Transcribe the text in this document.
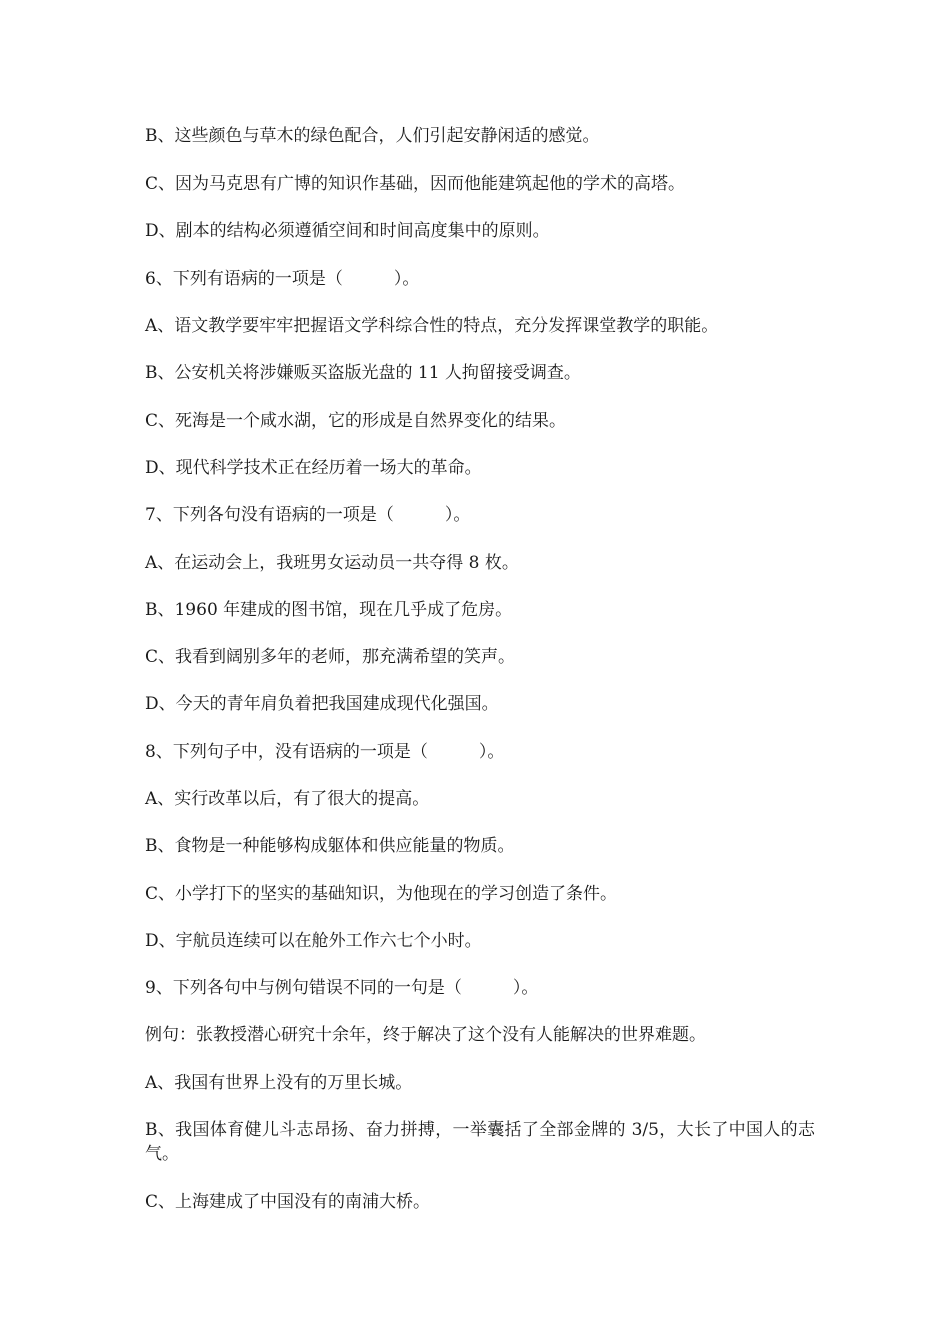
B、这些颜色与草木的绿色配合，人们引起安静闲适的感觉。
C、因为马克思有广博的知识作基础，因而他能建筑起他的学术的高塔。
D、剧本的结构必须遵循空间和时间高度集中的原则。
6、下列有语病的一项是（　　　）。
A、语文教学要牢牢把握语文学科综合性的特点，充分发挥课堂教学的职能。
B、公安机关将涉嫌贩买盗版光盘的 11 人拘留接受调查。
C、死海是一个咸水湖，它的形成是自然界变化的结果。
D、现代科学技术正在经历着一场大的革命。
7、下列各句没有语病的一项是（　　　）。
A、在运动会上，我班男女运动员一共夺得 8 枚。
B、1960 年建成的图书馆，现在几乎成了危房。
C、我看到阔别多年的老师，那充满希望的笑声。
D、今天的青年肩负着把我国建成现代化强国。
8、下列句子中，没有语病的一项是（　　　）。
A、实行改革以后，有了很大的提高。
B、食物是一种能够构成躯体和供应能量的物质。
C、小学打下的坚实的基础知识，为他现在的学习创造了条件。
D、宇航员连续可以在舱外工作六七个小时。
9、下列各句中与例句错误不同的一句是（　　　）。
例句：张教授潜心研究十余年，终于解决了这个没有人能解决的世界难题。
A、我国有世界上没有的万里长城。
B、我国体育健儿斗志昂扬、奋力拼搏，一举囊括了全部金牌的 3/5，大长了中国人的志气。
C、上海建成了中国没有的南浦大桥。
